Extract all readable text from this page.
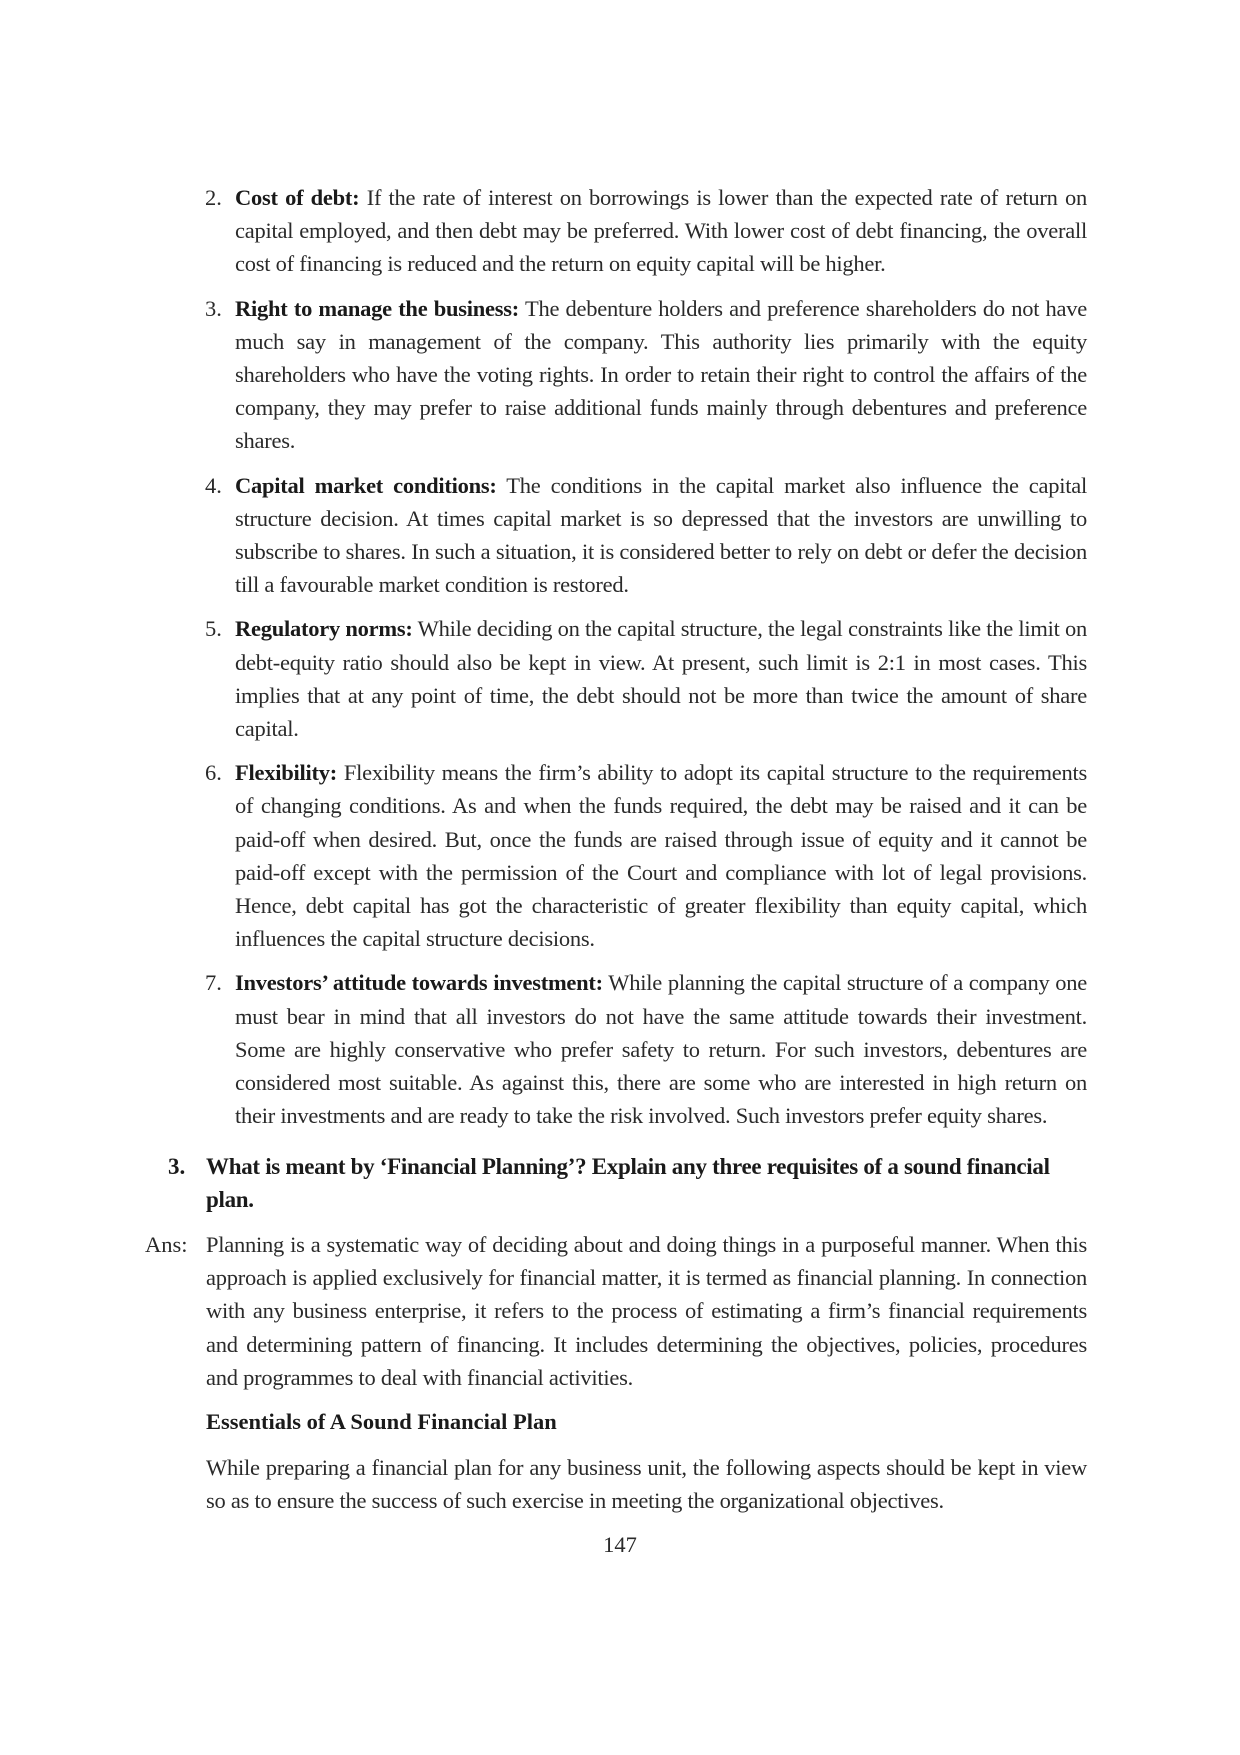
2. Cost of debt: If the rate of interest on borrowings is lower than the expected rate of return on capital employed, and then debt may be preferred. With lower cost of debt financing, the overall cost of financing is reduced and the return on equity capital will be higher.

3. Right to manage the business: The debenture holders and preference shareholders do not have much say in management of the company. This authority lies primarily with the equity shareholders who have the voting rights. In order to retain their right to control the affairs of the company, they may prefer to raise additional funds mainly through debentures and preference shares.

4. Capital market conditions: The conditions in the capital market also influence the capital structure decision. At times capital market is so depressed that the investors are unwilling to subscribe to shares. In such a situation, it is considered better to rely on debt or defer the decision till a favourable market condition is restored.

5. Regulatory norms: While deciding on the capital structure, the legal constraints like the limit on debt-equity ratio should also be kept in view. At present, such limit is 2:1 in most cases. This implies that at any point of time, the debt should not be more than twice the amount of share capital.

6. Flexibility: Flexibility means the firm’s ability to adopt its capital structure to the requirements of changing conditions. As and when the funds required, the debt may be raised and it can be paid-off when desired. But, once the funds are raised through issue of equity and it cannot be paid-off except with the permission of the Court and compliance with lot of legal provisions. Hence, debt capital has got the characteristic of greater flexibility than equity capital, which influences the capital structure decisions.

7. Investors’ attitude towards investment: While planning the capital structure of a company one must bear in mind that all investors do not have the same attitude towards their investment. Some are highly conservative who prefer safety to return. For such investors, debentures are considered most suitable. As against this, there are some who are interested in high return on their investments and are ready to take the risk involved. Such investors prefer equity shares.

3. What is meant by ‘Financial Planning’? Explain any three requisites of a sound financial plan.
Ans: Planning is a systematic way of deciding about and doing things in a purposeful manner. When this approach is applied exclusively for financial matter, it is termed as financial planning. In connection with any business enterprise, it refers to the process of estimating a firm’s financial requirements and determining pattern of financing. It includes determining the objectives, policies, procedures and programmes to deal with financial activities.
Essentials of A Sound Financial Plan
While preparing a financial plan for any business unit, the following aspects should be kept in view so as to ensure the success of such exercise in meeting the organizational objectives.
147
